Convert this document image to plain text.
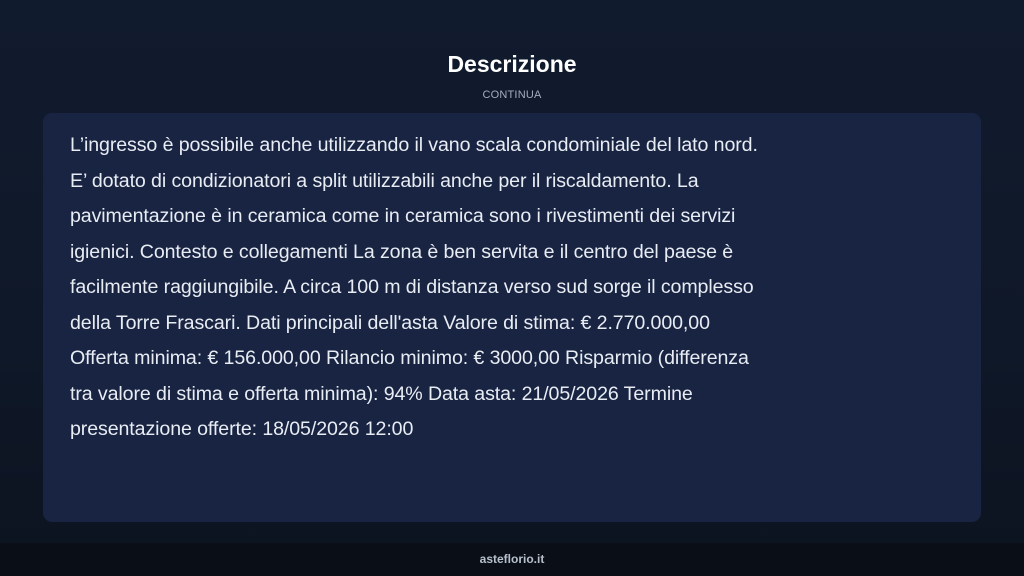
Descrizione
CONTINUA

L’ingresso è possibile anche utilizzando il vano scala condominiale del lato nord.
E’ dotato di condizionatori a split utilizzabili anche per il riscaldamento. La
pavimentazione è in ceramica come in ceramica sono i rivestimenti dei servizi
igienici. Contesto e collegamenti La zona è ben servita e il centro del paese è
facilmente raggiungibile. A circa 100 m di distanza verso sud sorge il complesso
della Torre Frascari. Dati principali dell'asta Valore di stima: € 2.770.000,00
Offerta minima: € 156.000,00 Rilancio minimo: € 3000,00 Risparmio (differenza
tra valore di stima e offerta minima): 94% Data asta: 21/05/2026 Termine
presentazione offerte: 18/05/2026 12:00

asteflorio.it
